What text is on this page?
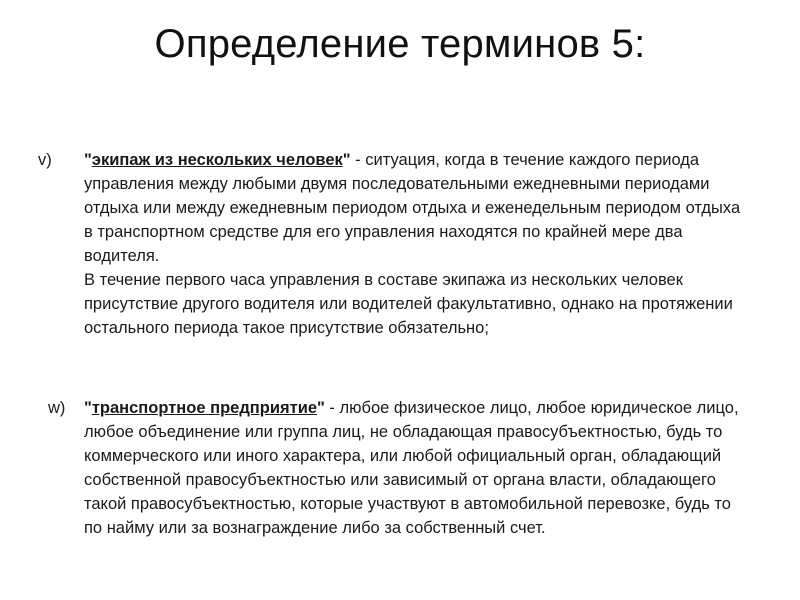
Определение терминов 5:
v) "экипаж из нескольких человек" - ситуация, когда в течение каждого периода управления между любыми двумя последовательными ежедневными периодами отдыха или между ежедневным периодом отдыха и еженедельным периодом отдыха в транспортном средстве для его управления находятся по крайней мере два водителя.
В течение первого часа управления в составе экипажа из нескольких человек присутствие другого водителя или водителей факультативно, однако на протяжении остального периода такое присутствие обязательно;
w) "транспортное предприятие" - любое физическое лицо, любое юридическое лицо, любое объединение или группа лиц, не обладающая правосубъектностью, будь то коммерческого или иного характера, или любой официальный орган, обладающий собственной правосубъектностью или зависимый от органа власти, обладающего такой правосубъектностью, которые участвуют в автомобильной перевозке, будь то по найму или за вознаграждение либо за собственный счет.
